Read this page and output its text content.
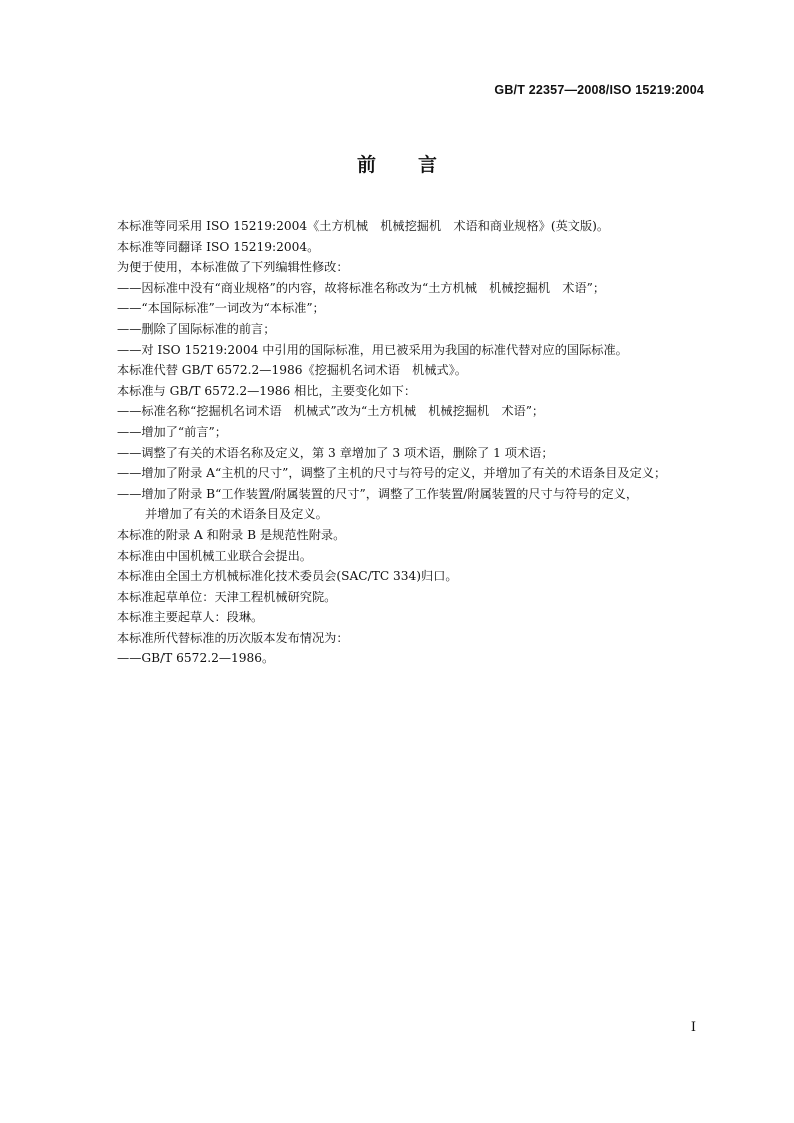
GB/T 22357—2008/ISO 15219:2004
前言
本标准等同采用 ISO 15219:2004《土方机械　机械挖掘机　术语和商业规格》(英文版)。
本标准等同翻译 ISO 15219:2004。
为便于使用，本标准做了下列编辑性修改：
——因标准中没有“商业规格”的内容，故将标准名称改为“土方机械　机械挖掘机　术语”；
——“本国际标准”一词改为“本标准”；
——删除了国际标准的前言；
——对 ISO 15219:2004 中引用的国际标准，用已被采用为我国的标准代替对应的国际标准。
本标准代替 GB/T 6572.2—1986《挖掘机名词术语　机械式》。
本标准与 GB/T 6572.2—1986 相比，主要变化如下：
——标准名称“挖掘机名词术语　机械式”改为“土方机械　机械挖掘机　术语”；
——增加了“前言”；
——调整了有关的术语名称及定义，第 3 章增加了 3 项术语，删除了 1 项术语；
——增加了附录 A“主机的尺寸”，调整了主机的尺寸与符号的定义，并增加了有关的术语条目及定义；
——增加了附录 B“工作装置/附属装置的尺寸”，调整了工作装置/附属装置的尺寸与符号的定义，
并增加了有关的术语条目及定义。
本标准的附录 A 和附录 B 是规范性附录。
本标准由中国机械工业联合会提出。
本标准由全国土方机械标准化技术委员会(SAC/TC 334)归口。
本标准起草单位：天津工程机械研究院。
本标准主要起草人：段琳。
本标准所代替标准的历次版本发布情况为：
——GB/T 6572.2—1986。
I
